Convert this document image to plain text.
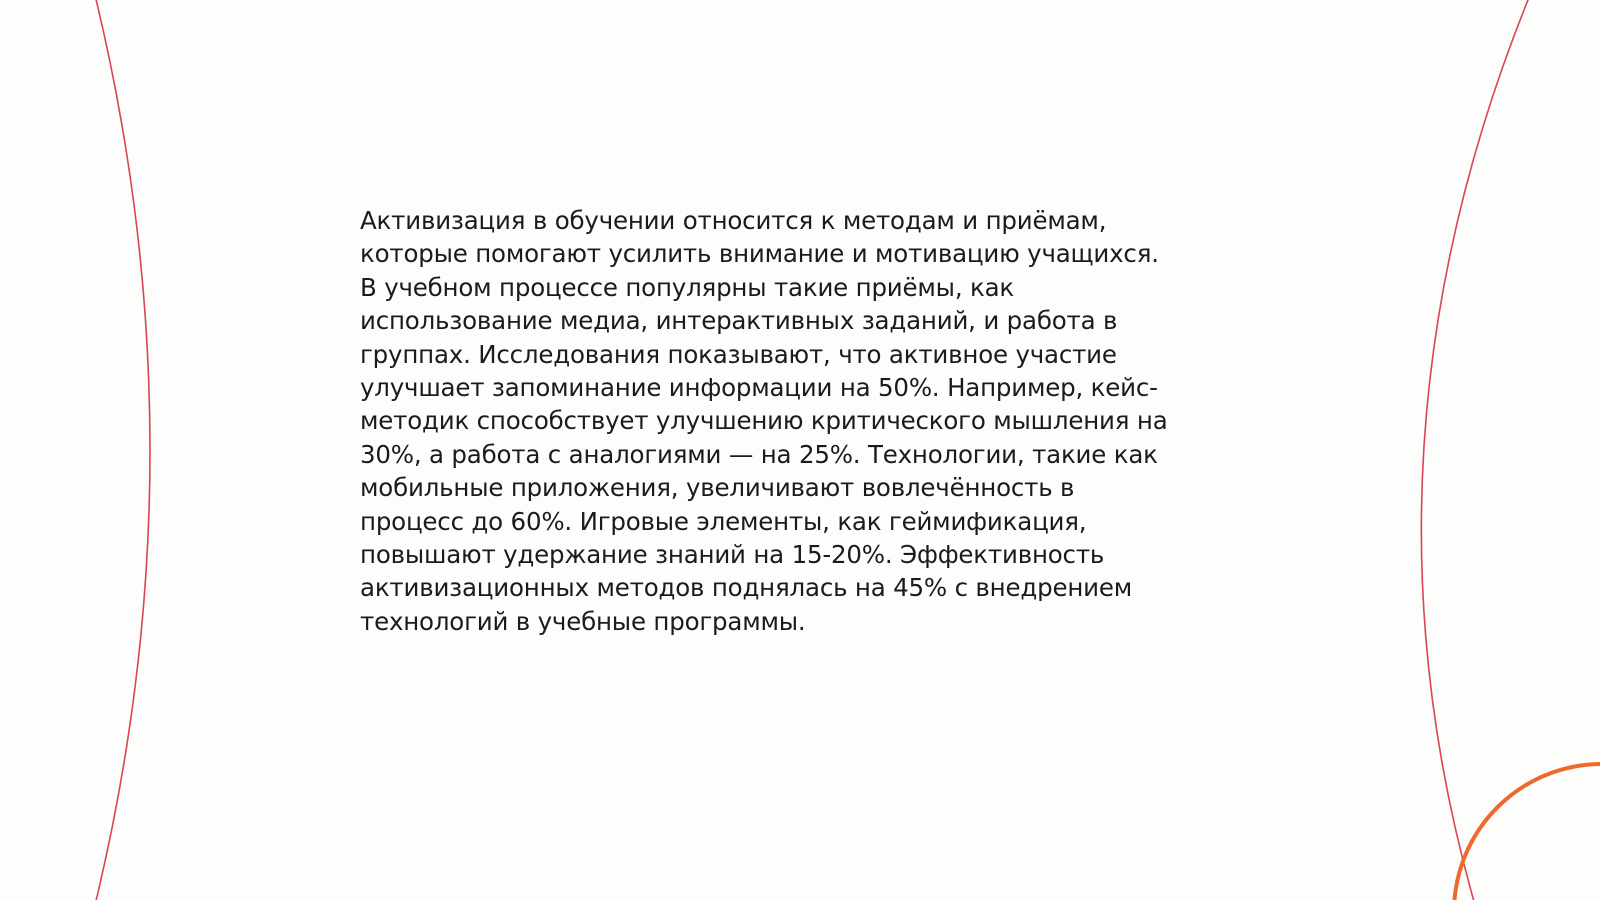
Активизация в обучении относится к методам и приёмам,
которые помогают усилить внимание и мотивацию учащихся.
В учебном процессе популярны такие приёмы, как
использование медиа, интерактивных заданий, и работа в
группах. Исследования показывают, что активное участие
улучшает запоминание информации на 50%. Например, кейс-
методик способствует улучшению критического мышления на
30%, а работа с аналогиями — на 25%. Технологии, такие как
мобильные приложения, увеличивают вовлечённость в
процесс до 60%. Игровые элементы, как геймификация,
повышают удержание знаний на 15-20%. Эффективность
активизационных методов поднялась на 45% с внедрением
технологий в учебные программы.
